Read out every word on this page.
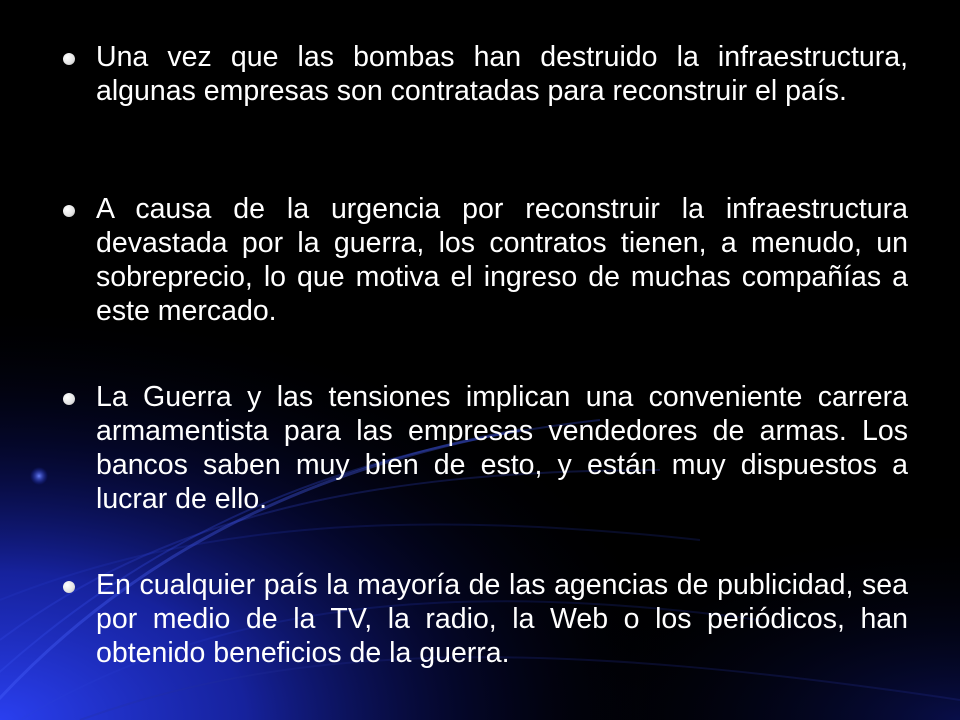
Una vez que las bombas han destruido la infraestructura, algunas empresas son contratadas para reconstruir el país.
A causa de la urgencia por reconstruir la infraestructura devastada por la guerra, los contratos tienen, a menudo, un sobreprecio, lo que motiva el ingreso de muchas compañías a este mercado.
La Guerra y las tensiones implican una conveniente carrera armamentista para las empresas vendedores de armas. Los bancos saben muy bien de esto, y están muy dispuestos a lucrar de ello.
En cualquier país la mayoría de las agencias de publicidad, sea por medio de la TV, la radio, la Web o los periódicos, han obtenido beneficios de la guerra.
